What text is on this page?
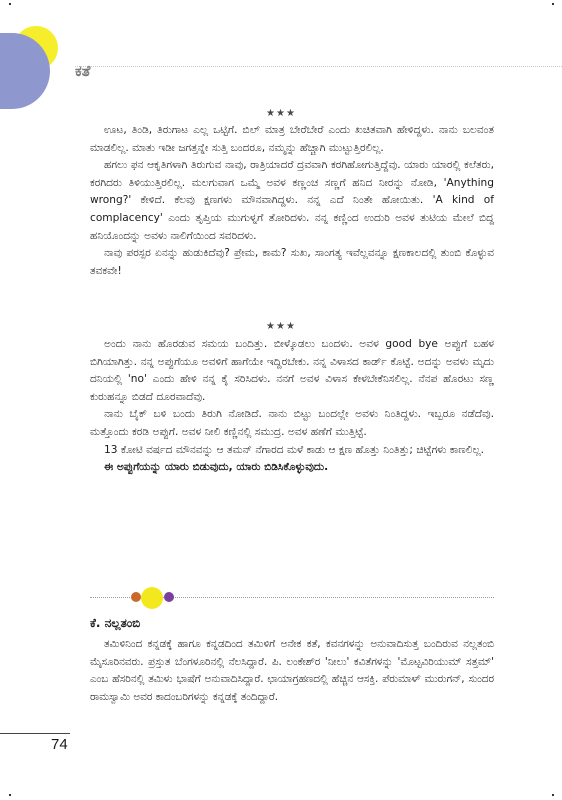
ಕತೆ
★★★

ಊಟ, ತಿಂಡಿ, ತಿರುಗಾಟ ಎಲ್ಲ ಒಟ್ಟಿಗೆ. ಬಿಲ್ ಮಾತ್ರ ಬೇರೆಬೇರೆ ಎಂದು ಖಚಿತವಾಗಿ ಹೇಳಿದ್ದಳು. ನಾನು ಬಲವಂತ ಮಾಡಲಿಲ್ಲ. ಮಾತು ಇಡೀ ಜಗತ್ತನ್ನೇ ಸುತ್ತಿ ಬಂದರೂ, ನಮ್ಮನ್ನು ಹೆಚ್ಚಾಗಿ ಮುಟ್ಟುತ್ತಿರಲಿಲ್ಲ.

ಹಗಲು ಫನ ಆಕೃತಿಗಳಾಗಿ ತಿರುಗುವ ನಾವು, ರಾತ್ರಿಯಾದರೆ ದ್ರವವಾಗಿ ಕರಗಿಹೋಗುತ್ತಿದ್ದೆವು. ಯಾರು ಯಾರಲ್ಲಿ ಕಲೆತರು, ಕರಗಿದರು ತಿಳಿಯುತ್ತಿರಲಿಲ್ಲ. ಮಲಗುವಾಗ ಒಮ್ಮೆ ಅವಳ ಕಣ್ಣಂಚ ಸಣ್ಣಗೆ ಹನಿದ ನೀರನ್ನು ನೋಡಿ, 'Anything wrong?' ಕೇಳಿದೆ. ಕೆಲವು ಕ್ಷಣಗಳು ಮೌನವಾಗಿದ್ದಳು. ನನ್ನ ಎದೆ ನಿಂತೇ ಹೋಯಿತು. 'A kind of complacency' ಎಂದು ತೃಪ್ತಿಯ ಮುಗುಳ್ನಗೆ ತೋರಿದಳು. ನನ್ನ ಕಣ್ಣಿಂದ ಉದುರಿ ಅವಳ ತುಟಿಯ ಮೇಲೆ ಬಿದ್ದ ಹನಿಯೊಂದನ್ನು ಅವಳು ನಾಲಿಗೆಯಿಂದ ಸವರಿದಳು.

ನಾವು ಪರಸ್ಪರ ಏನನ್ನು ಹುಡುಕಿದೆವು? ಪ್ರೇಮ, ಕಾಮ? ಸುಖ, ಸಾಂಗತ್ಯ ಇವೆಲ್ಲವನ್ನೂ ಕ್ಷಣಕಾಲದಲ್ಲಿ ತುಂಬಿ ಕೊಳ್ಳುವ ತವಕವೇ!

★★★

ಅಂದು ನಾನು ಹೊರಡುವ ಸಮಯ ಬಂದಿತ್ತು. ಬೀಳ್ಕೊಡಲು ಬಂದಳು. ಅವಳ good bye ಅಪ್ಪುಗೆ ಬಹಳ ಬಿಗಿಯಾಗಿತ್ತು. ನನ್ನ ಅಪ್ಪುಗೆಯೂ ಅವಳಿಗೆ ಹಾಗೆಯೇ ಇದ್ದಿರಬೇಕು. ನನ್ನ ವಿಳಾಸದ ಕಾರ್ಡ್ ಕೊಟ್ಟೆ. ಅದನ್ನು ಅವಳು ಮೃದು ದನಿಯಲ್ಲಿ 'no' ಎಂದು ಹೇಳಿ ನನ್ನ ಕೈ ಸರಿಸಿದಳು. ನನಗೆ ಅವಳ ವಿಳಾಸ ಕೇಳಬೇಕೆನಿಸಲಿಲ್ಲ. ನೆನಪ ಹೊರಟು ಸಣ್ಣ ಕುರುಹನ್ನೂ ಬಿಡದೆ ದೂರವಾದೆವು.

ನಾನು ಬೈಕ್ ಬಳಿ ಬಂದು ತಿರುಗಿ ನೋಡಿದೆ. ನಾನು ಬಿಟ್ಟು ಬಂದಲ್ಲೇ ಅವಳು ನಿಂತಿದ್ದಳು. ಇಬ್ಬರೂ ನಡೆದೆವು. ಮತ್ತೊಂದು ಕರಡಿ ಅಪ್ಪುಗೆ. ಅವಳ ನೀಲಿ ಕಣ್ಣಿನಲ್ಲಿ ಸಮುದ್ರ. ಅವಳ ಹಣೆಗೆ ಮುತ್ತಿಟ್ಟೆ.

13 ಕೋಟಿ ವರ್ಷದ ಮೌನವನ್ನು ಆ ತಮನ್ ನೆಗಾರದ ಮಳೆ ಕಾಡು ಆ ಕ್ಷಣ ಹೊತ್ತು ನಿಂತಿತ್ತು; ಚಿಟ್ಟೆಗಳು ಕಾಣಲಿಲ್ಲ.

ಈ ಅಪ್ಪುಗೆಯನ್ನು ಯಾರು ಬಿಡುವುದು, ಯಾರು ಬಿಡಿಸಿಕೊಳ್ಳುವುದು.

ಕೆ. ನಲ್ಲತಂಬಿ

ತಮಿಳಿನಿಂದ ಕನ್ನಡಕ್ಕೆ ಹಾಗೂ ಕನ್ನಡದಿಂದ ತಮಿಳಿಗೆ ಅನೇಕ ಕತೆ, ಕವನಗಳನ್ನು ಅನುವಾದಿಸುತ್ತ ಬಂದಿರುವ ನಲ್ಲತಂಬಿ ಮೈಸೂರಿನವರು. ಪ್ರಸ್ತುತ ಬೆಂಗಳೂರಿನಲ್ಲಿ ನೆಲಸಿದ್ದಾರೆ. ಪಿ. ಲಂಕೇಶ್‌ರ 'ನೀಲು' ಕವಿತೆಗಳನ್ನು 'ಮೊಟ್ಟವಿರಿಯುಮ್ ಸತ್ತಮ್' ಎಂಬ ಹೆಸರಿನಲ್ಲಿ ತಮಿಳು ಭಾಷೆಗೆ ಅನುವಾದಿಸಿದ್ದಾರೆ. ಛಾಯಾಗ್ರಹಣದಲ್ಲಿ ಹೆಚ್ಚಿನ ಆಸಕ್ತಿ. ಪೆರುಮಾಳ್ ಮುರುಗನ್, ಸುಂದರ ರಾಮಸ್ವಾಮಿ ಅವರ ಕಾದಂಬರಿಗಳನ್ನು ಕನ್ನಡಕ್ಕೆ ತಂದಿದ್ದಾರೆ.

74
